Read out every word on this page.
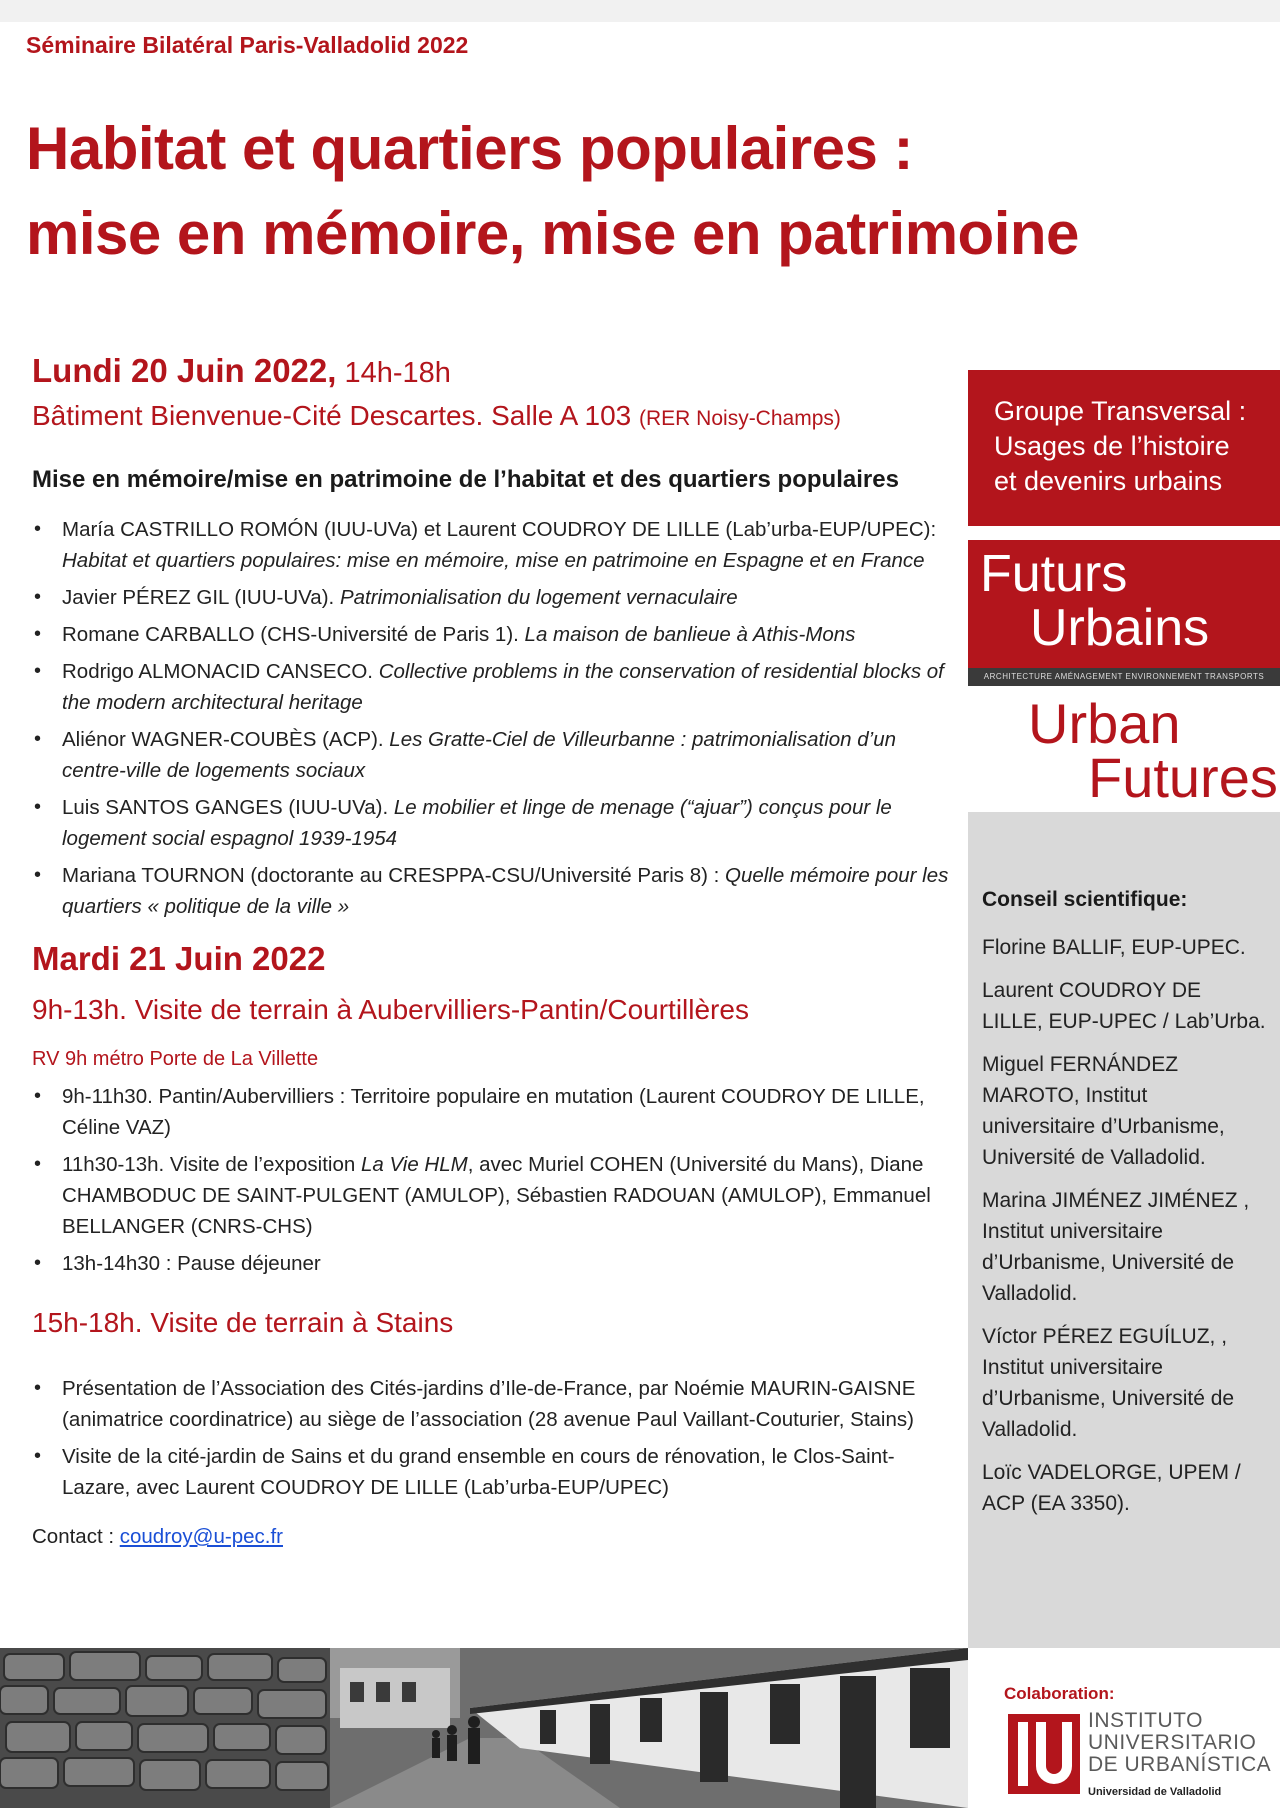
Séminaire Bilatéral Paris-Valladolid 2022
Habitat et quartiers populaires :
mise en mémoire, mise en patrimoine
Lundi 20 Juin 2022, 14h-18h
Bâtiment Bienvenue-Cité Descartes. Salle A 103 (RER Noisy-Champs)
Mise en mémoire/mise en patrimoine de l’habitat et des quartiers populaires
• María CASTRILLO ROMÓN (IUU-UVa) et Laurent COUDROY DE LILLE (Lab’urba-EUP/UPEC): Habitat et quartiers populaires: mise en mémoire, mise en patrimoine en Espagne et en France
• Javier PÉREZ GIL (IUU-UVa). Patrimonialisation du logement vernaculaire
• Romane CARBALLO (CHS-Université de Paris 1). La maison de banlieue à Athis-Mons
• Rodrigo ALMONACID CANSECO. Collective problems in the conservation of residential blocks of the modern architectural heritage
• Aliénor WAGNER-COUBÈS (ACP). Les Gratte-Ciel de Villeurbanne : patrimonialisation d’un centre-ville de logements sociaux
• Luis SANTOS GANGES (IUU-UVa). Le mobilier et linge de menage (“ajuar”) conçus pour le logement social espagnol 1939-1954
• Mariana TOURNON (doctorante au CRESPPA-CSU/Université Paris 8) : Quelle mémoire pour les quartiers « politique de la ville »
Mardi 21 Juin 2022
9h-13h. Visite de terrain à Aubervilliers-Pantin/Courtillères
RV 9h métro Porte de La Villette
• 9h-11h30. Pantin/Aubervilliers : Territoire populaire en mutation (Laurent COUDROY DE LILLE, Céline VAZ)
• 11h30-13h. Visite de l’exposition La Vie HLM, avec Muriel COHEN (Université du Mans), Diane CHAMBODUC DE SAINT-PULGENT (AMULOP), Sébastien RADOUAN (AMULOP), Emmanuel BELLANGER (CNRS-CHS)
• 13h-14h30 : Pause déjeuner
15h-18h. Visite de terrain à Stains
• Présentation de l’Association des Cités-jardins d’Ile-de-France, par Noémie MAURIN-GAISNE (animatrice coordinatrice) au siège de l’association (28 avenue Paul Vaillant-Couturier, Stains)
• Visite de la cité-jardin de Sains et du grand ensemble en cours de rénovation, le Clos-Saint-Lazare, avec Laurent COUDROY DE LILLE (Lab’urba-EUP/UPEC)
Contact : coudroy@u-pec.fr
Groupe Transversal : Usages de l’histoire et devenirs urbains
Futurs
Urbains
ARCHITECTURE AMÉNAGEMENT ENVIRONNEMENT TRANSPORTS
Urban
Futures
Conseil scientifique:
Florine BALLIF, EUP-UPEC.
Laurent COUDROY DE LILLE, EUP-UPEC / Lab’Urba.
Miguel FERNÁNDEZ MAROTO, Institut universitaire d’Urbanisme, Université de Valladolid.
Marina JIMÉNEZ JIMÉNEZ , Institut universitaire d’Urbanisme, Université de Valladolid.
Víctor PÉREZ EGUÍLUZ, , Institut universitaire d’Urbanisme, Université de Valladolid.
Loïc VADELORGE, UPEM / ACP (EA 3350).
Colaboration:
INSTITUTO
UNIVERSITARIO
DE URBANÍSTICA
Universidad de Valladolid
